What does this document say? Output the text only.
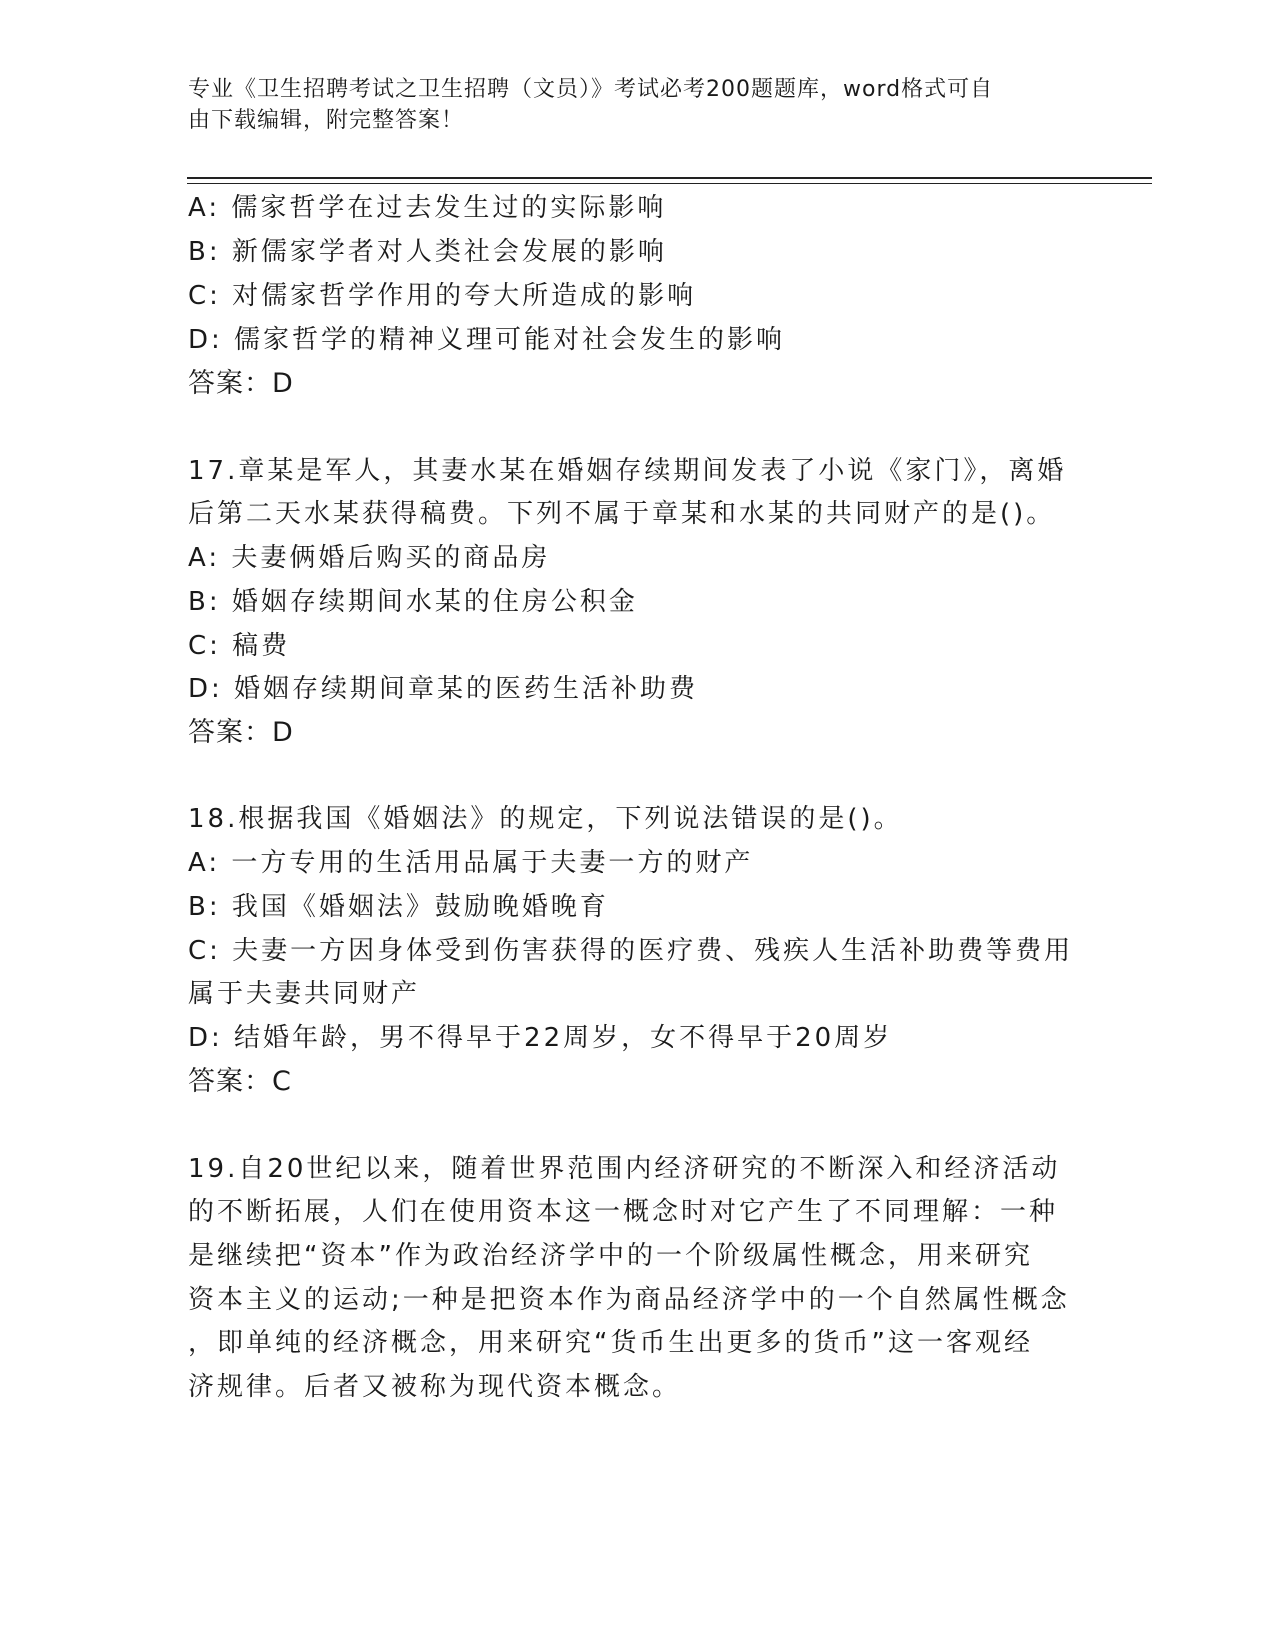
专业《卫生招聘考试之卫生招聘（文员）》考试必考200题题库，word格式可自
由下载编辑，附完整答案！

A: 儒家哲学在过去发生过的实际影响

B: 新儒家学者对人类社会发展的影响

C: 对儒家哲学作用的夸大所造成的影响

D: 儒家哲学的精神义理可能对社会发生的影响

答案：D

17.章某是军人，其妻水某在婚姻存续期间发表了小说《家门》，离婚

后第二天水某获得稿费。下列不属于章某和水某的共同财产的是()。

A: 夫妻俩婚后购买的商品房

B: 婚姻存续期间水某的住房公积金

C: 稿费

D: 婚姻存续期间章某的医药生活补助费

答案：D

18.根据我国《婚姻法》的规定，下列说法错误的是()。

A: 一方专用的生活用品属于夫妻一方的财产

B: 我国《婚姻法》鼓励晚婚晚育

C: 夫妻一方因身体受到伤害获得的医疗费、残疾人生活补助费等费用

属于夫妻共同财产

D: 结婚年龄，男不得早于22周岁，女不得早于20周岁

答案：C

19.自20世纪以来，随着世界范围内经济研究的不断深入和经济活动

的不断拓展，人们在使用资本这一概念时对它产生了不同理解：一种

是继续把“资本”作为政治经济学中的一个阶级属性概念，用来研究

资本主义的运动;一种是把资本作为商品经济学中的一个自然属性概念

，即单纯的经济概念，用来研究“货币生出更多的货币”这一客观经

济规律。后者又被称为现代资本概念。
